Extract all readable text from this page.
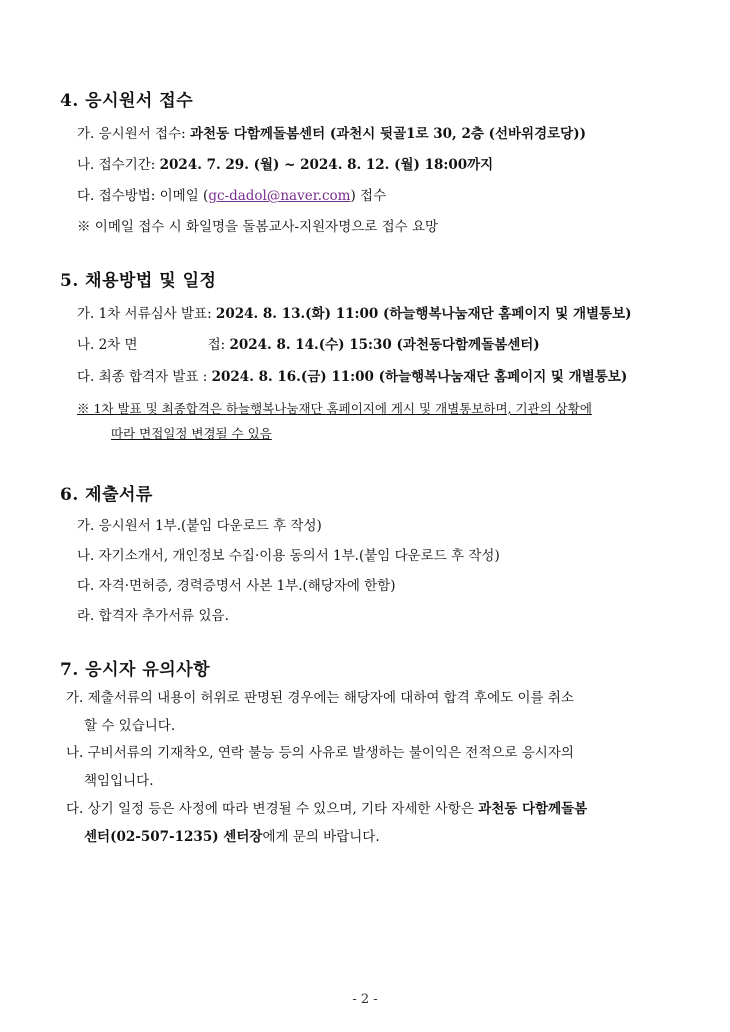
4. 응시원서 접수
가. 응시원서 접수: 과천동 다함께돌봄센터 (과천시 뒷골1로 30, 2층 (선바위경로당))
나. 접수기간: 2024. 7. 29. (월) ~ 2024. 8. 12. (월) 18:00까지
다. 접수방법: 이메일 (gc-dadol@naver.com) 접수
※ 이메일 접수 시 화일명을 돌봄교사-지원자명으로 접수 요망
5. 채용방법 및 일정
가. 1차 서류심사 발표: 2024. 8. 13.(화) 11:00 (하늘행복나눔재단 홈페이지 및 개별통보)
나. 2차 면	접: 2024. 8. 14.(수) 15:30 (과천동다함께돌봄센터)
다. 최종 합격자 발표 : 2024. 8. 16.(금) 11:00 (하늘행복나눔재단 홈페이지 및 개별통보)
※ 1차 발표 및 최종합격은 하늘행복나눔재단 홈페이지에 게시 및 개별통보하며, 기관의 상황에
따라 면접일정 변경될 수 있음
6. 제출서류
가. 응시원서 1부.(붙임 다운로드 후 작성)
나. 자기소개서, 개인정보 수집·이용 동의서 1부.(붙임 다운로드 후 작성)
다. 자격·면허증, 경력증명서 사본 1부.(해당자에 한함)
라. 합격자 추가서류 있음.
7. 응시자 유의사항
가. 제출서류의 내용이 허위로 판명된 경우에는 해당자에 대하여 합격 후에도 이를 취소
할 수 있습니다.
나. 구비서류의 기재착오, 연락 불능 등의 사유로 발생하는 불이익은 전적으로 응시자의
책임입니다.
다. 상기 일정 등은 사정에 따라 변경될 수 있으며, 기타 자세한 사항은 과천동 다함께돌봄
센터(02-507-1235) 센터장에게 문의 바랍니다.
- 2 -
